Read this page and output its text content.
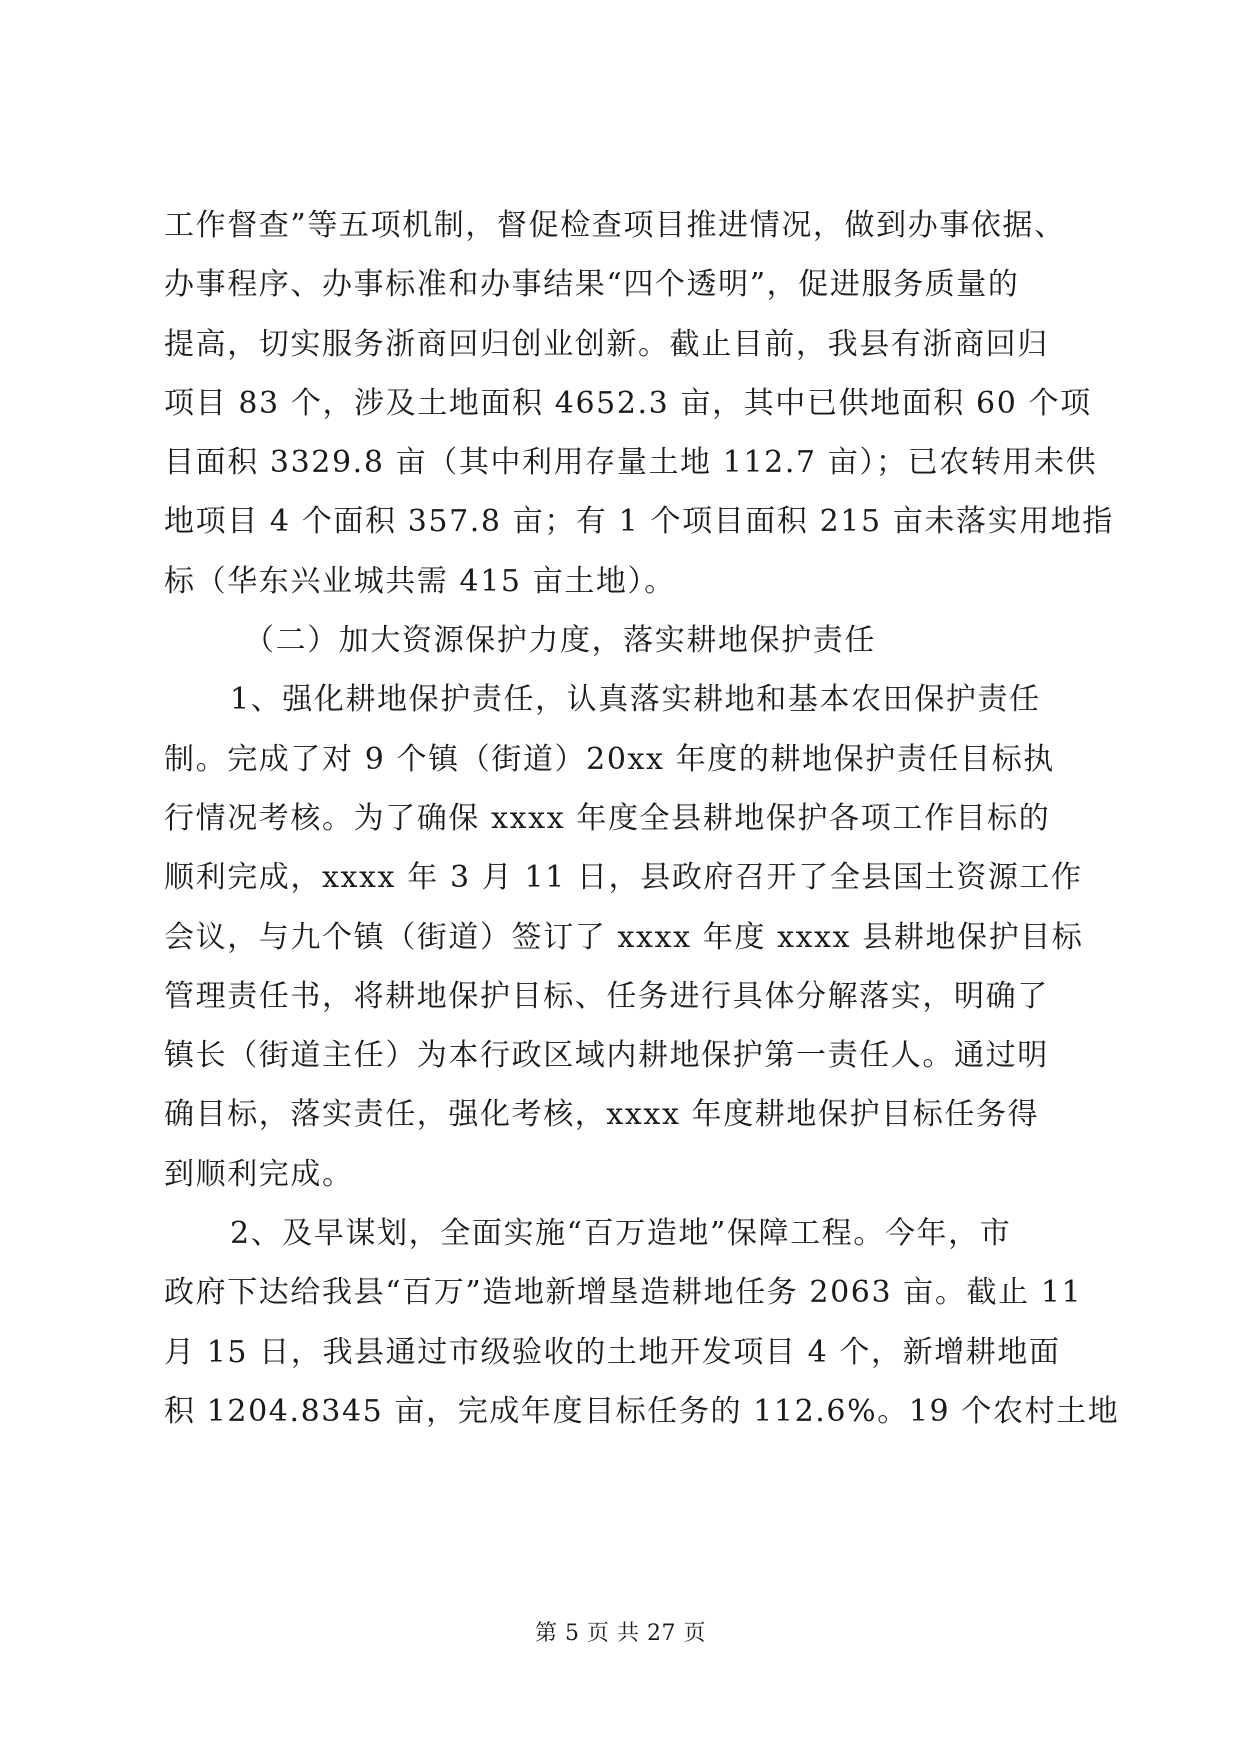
工作督查”等五项机制，督促检查项目推进情况，做到办事依据、
办事程序、办事标准和办事结果“四个透明”，促进服务质量的
提高，切实服务浙商回归创业创新。截止目前，我县有浙商回归
项目 83 个，涉及土地面积 4652.3 亩，其中已供地面积 60 个项
目面积 3329.8 亩（其中利用存量土地 112.7 亩）；已农转用未供
地项目 4 个面积 357.8 亩；有 1 个项目面积 215 亩未落实用地指
标（华东兴业城共需 415 亩土地）。
（二）加大资源保护力度，落实耕地保护责任
1、强化耕地保护责任，认真落实耕地和基本农田保护责任
制。完成了对 9 个镇（街道）20xx 年度的耕地保护责任目标执
行情况考核。为了确保 xxxx 年度全县耕地保护各项工作目标的
顺利完成，xxxx 年 3 月 11 日，县政府召开了全县国土资源工作
会议，与九个镇（街道）签订了 xxxx 年度 xxxx 县耕地保护目标
管理责任书，将耕地保护目标、任务进行具体分解落实，明确了
镇长（街道主任）为本行政区域内耕地保护第一责任人。通过明
确目标，落实责任，强化考核，xxxx 年度耕地保护目标任务得
到顺利完成。
2、及早谋划，全面实施“百万造地”保障工程。今年，市
政府下达给我县“百万”造地新增垦造耕地任务 2063 亩。截止 11
月 15 日，我县通过市级验收的土地开发项目 4 个，新增耕地面
积 1204.8345 亩，完成年度目标任务的 112.6%。19 个农村土地
第 5 页 共 27 页
